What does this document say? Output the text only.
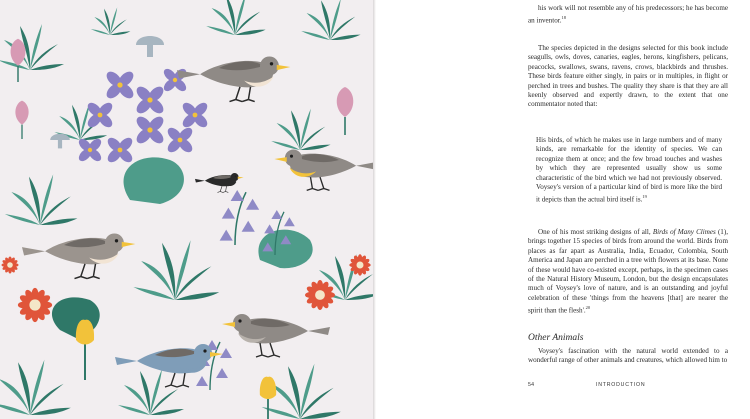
his work will not resemble any of his predecessors; he has become an inventor.$^{18}$

The species depicted in the designs selected for this book include seagulls, owls, doves, canaries, eagles, herons, kingfishers, pelicans, peacocks, swallows, swans, ravens, crows, blackbirds and thrushes. These birds feature either singly, in pairs or in multiples, in flight or perched in trees and bushes. The quality they share is that they are all keenly observed and expertly drawn, to the extent that one commentator noted that:

His birds, of which he makes use in large numbers and of many kinds, are remarkable for the identity of species. We can recognize them at once; and the few broad touches and washes by which they are represented usually show us some characteristic of the bird which we had not previously observed. Voysey's version of a particular kind of bird is more like the bird it depicts than the actual bird itself is.$^{19}$

One of his most striking designs of all, Birds of Many Climes (1), brings together 15 species of birds from around the world. Birds from places as far apart as Australia, India, Ecuador, Colombia, South America and Japan are perched in a tree with flowers at its base. None of these would have co-existed except, perhaps, in the specimen cases of the Natural History Museum, London, but the design encapsulates much of Voysey's love of nature, and is an outstanding and joyful celebration of these 'things from the heavens [that] are nearer the spirit than the flesh'.$^{20}$

Other Animals

Voysey's fascination with the natural world extended to a wonderful range of other animals and creatures, which allowed him to

54	INTRODUCTION
